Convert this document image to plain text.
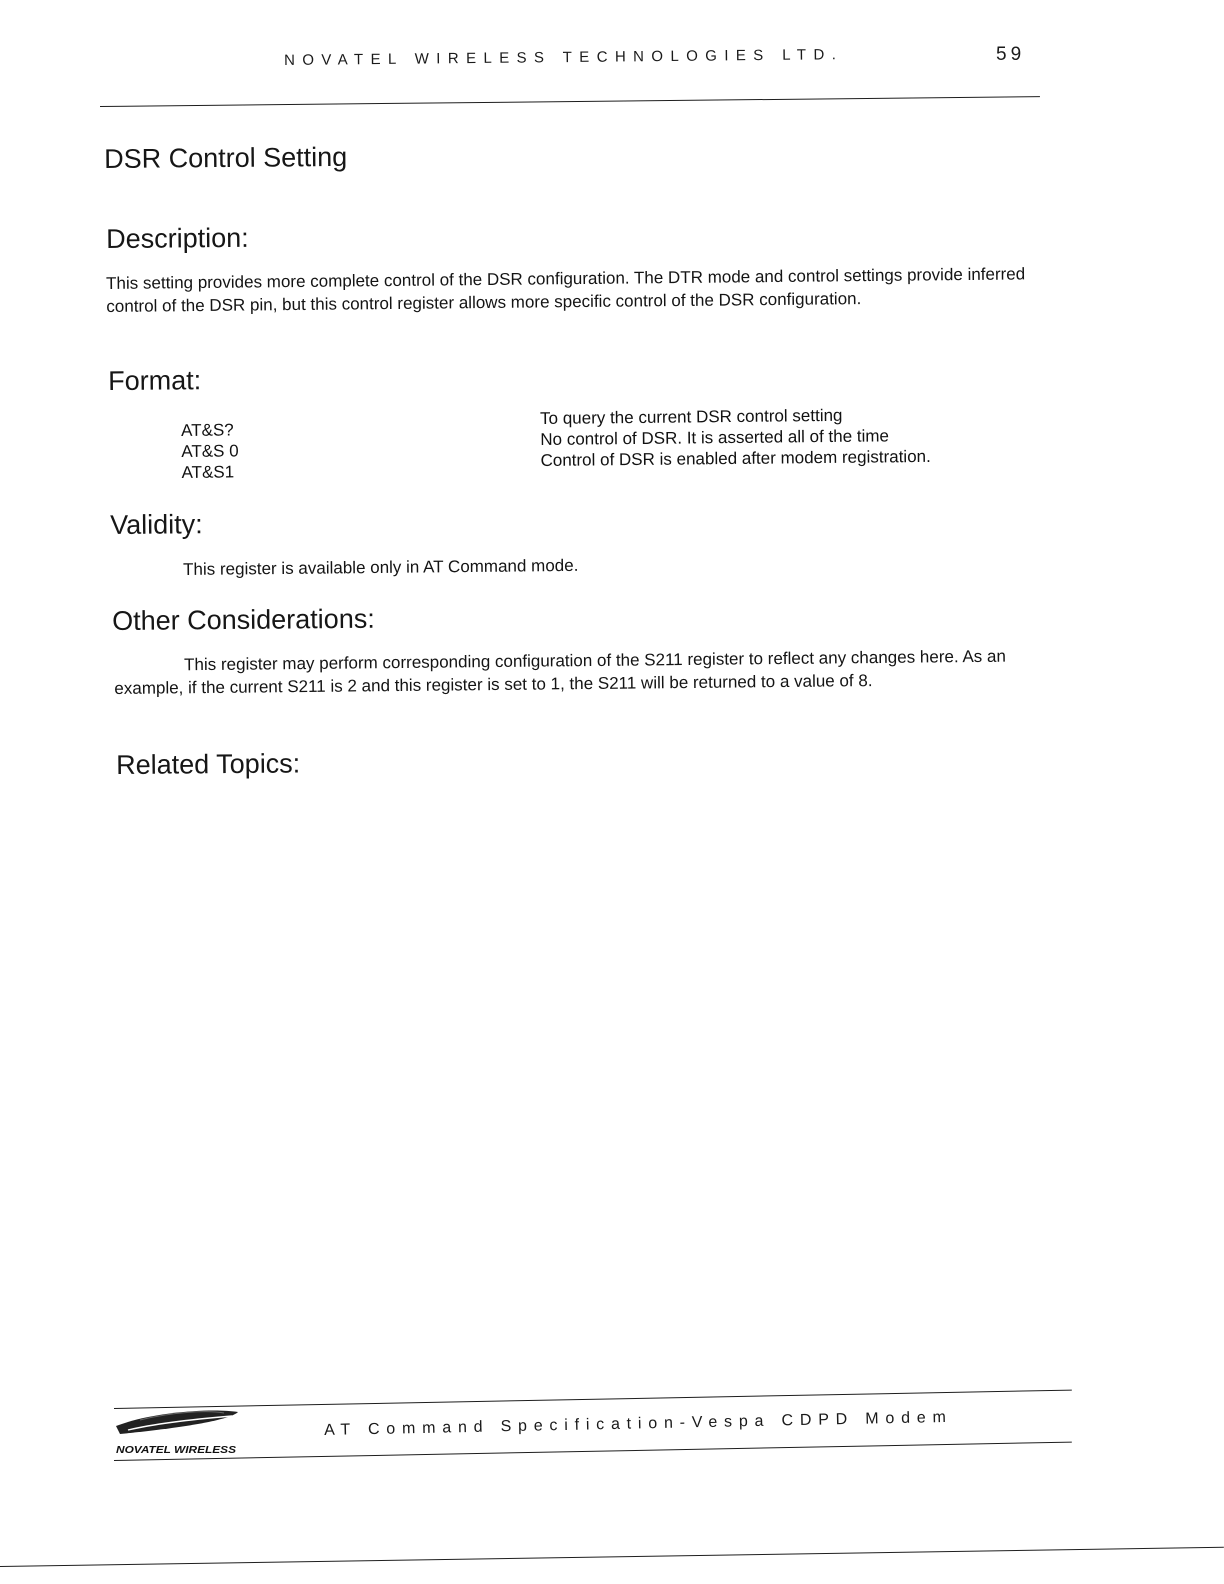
NOVATEL WIRELESS TECHNOLOGIES LTD.	59
DSR Control Setting
Description:
This setting provides more complete control of the DSR configuration. The DTR mode and control settings provide inferred control of the DSR pin, but this control register allows more specific control of the DSR configuration.
Format:
AT&S?
AT&S 0
AT&S1
To query the current DSR control setting
No control of DSR. It is asserted all of the time
Control of DSR is enabled after modem registration.
Validity:
This register is available only in AT Command mode.
Other Considerations:
This register may perform corresponding configuration of the S211 register to reflect any changes here. As an example, if the current S211 is 2 and this register is set to 1, the S211 will be returned to a value of 8.
Related Topics:
NOVATEL WIRELESS
AT Command Specification-Vespa CDPD Modem
